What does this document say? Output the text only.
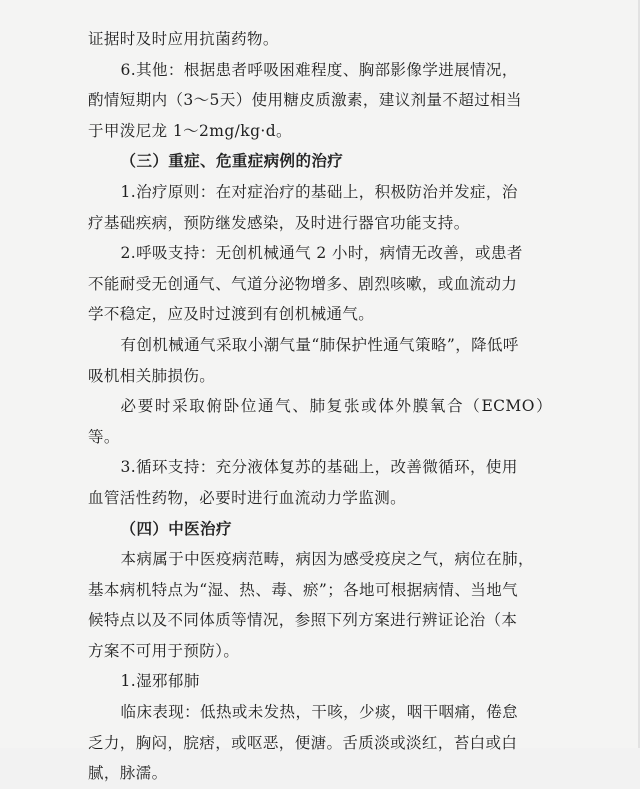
证据时及时应用抗菌药物。

6.其他：根据患者呼吸困难程度、胸部影像学进展情况，

酌情短期内（3～5天）使用糖皮质激素，建议剂量不超过相当

于甲泼尼龙 1～2mg/kg·d。

（三）重症、危重症病例的治疗

1.治疗原则：在对症治疗的基础上，积极防治并发症，治

疗基础疾病，预防继发感染，及时进行器官功能支持。

2.呼吸支持：无创机械通气 2 小时，病情无改善，或患者

不能耐受无创通气、气道分泌物增多、剧烈咳嗽，或血流动力

学不稳定，应及时过渡到有创机械通气。

有创机械通气采取小潮气量“肺保护性通气策略”，降低呼

吸机相关肺损伤。

必要时采取俯卧位通气、肺复张或体外膜氧合（ECMO）等。

3.循环支持：充分液体复苏的基础上，改善微循环，使用

血管活性药物，必要时进行血流动力学监测。

（四）中医治疗

本病属于中医疫病范畴，病因为感受疫戾之气，病位在肺，

基本病机特点为“湿、热、毒、瘀”；各地可根据病情、当地气

候特点以及不同体质等情况，参照下列方案进行辨证论治（本

方案不可用于预防）。

1.湿邪郁肺

临床表现：低热或未发热，干咳，少痰，咽干咽痛，倦怠

乏力，胸闷，脘痞，或呕恶，便溏。舌质淡或淡红，苔白或白

腻，脉濡。
